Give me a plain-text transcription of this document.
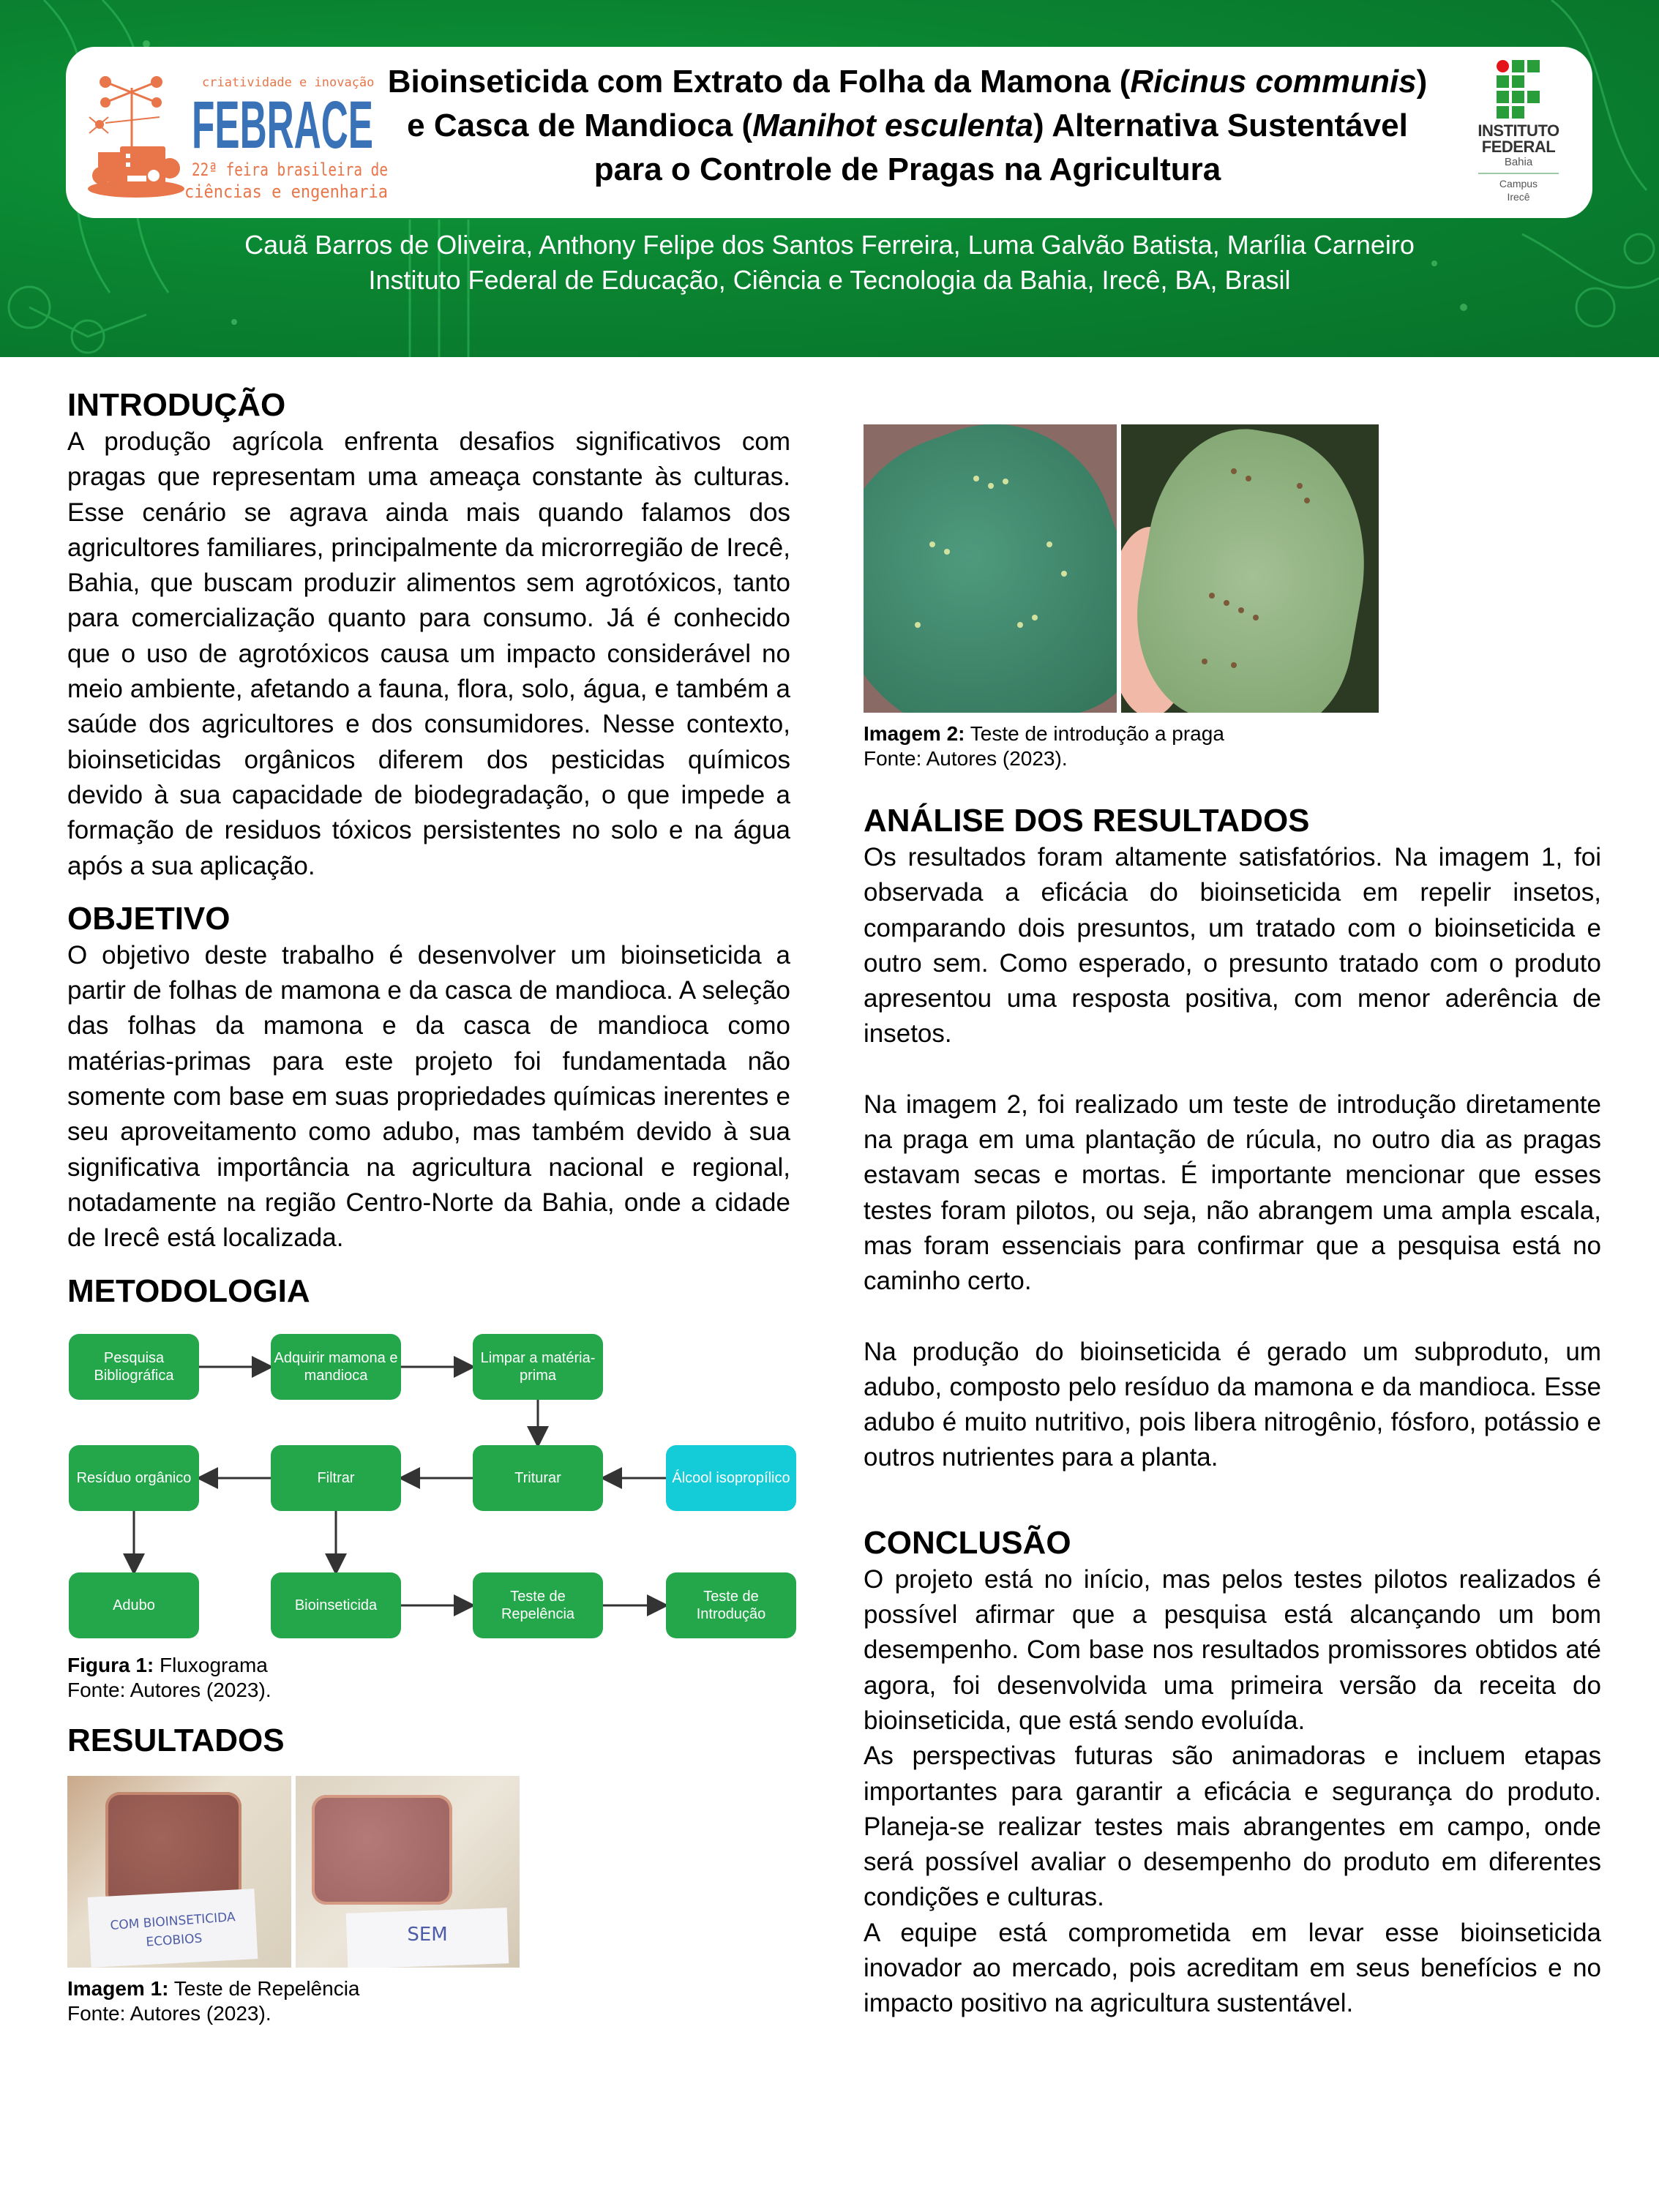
criatividade e inovação
FEBRACE
22ª feira brasileira de
ciências e engenharia
Bioinseticida com Extrato da Folha da Mamona (Ricinus communis)
e Casca de Mandioca (Manihot esculenta) Alternativa Sustentável
para o Controle de Pragas na Agricultura
INSTITUTO
FEDERAL
Bahia
Campus
Irecê
Cauã Barros de Oliveira, Anthony Felipe dos Santos Ferreira, Luma Galvão Batista, Marília Carneiro
Instituto Federal de Educação, Ciência e Tecnologia da Bahia, Irecê, BA, Brasil
INTRODUÇÃO

A produção agrícola enfrenta desafios significativos com pragas que representam uma ameaça constante às culturas. Esse cenário se agrava ainda mais quando falamos dos agricultores familiares, principalmente da microrregião de Irecê, Bahia, que buscam produzir alimentos sem agrotóxicos, tanto para comercialização quanto para consumo. Já é conhecido que o uso de agrotóxicos causa um impacto considerável no meio ambiente, afetando a fauna, flora, solo, água, e também a saúde dos agricultores e dos consumidores. Nesse contexto, bioinseticidas orgânicos diferem dos pesticidas químicos devido à sua capacidade de biodegradação, o que impede a formação de residuos tóxicos persistentes no solo e na água após a sua aplicação.

OBJETIVO

O objetivo deste trabalho é desenvolver um bioinseticida a partir de folhas de mamona e da casca de mandioca. A seleção das folhas da mamona e da casca de mandioca como matérias-primas para este projeto foi fundamentada não somente com base em suas propriedades químicas inerentes e seu aproveitamento como adubo, mas também devido à sua significativa importância na agricultura nacional e regional, notadamente na região Centro-Norte da Bahia, onde a cidade de Irecê está localizada.

METODOLOGIA
Pesquisa Bibliográfica
Adquirir mamona e mandioca
Limpar a matéria-prima
Resíduo orgânico	Filtrar	Triturar	Álcool isopropílico
Adubo	Bioinseticida
Teste de Repelência
Teste de Introdução
Figura 1: Fluxograma
Fonte: Autores (2023).
RESULTADOS
COM BIOINSETICIDA ECOBIOS	SEM
Imagem 1: Teste de Repelência
Fonte: Autores (2023).
Imagem 2: Teste de introdução a praga
Fonte: Autores (2023).
ANÁLISE DOS RESULTADOS

Os resultados foram altamente satisfatórios. Na imagem 1, foi observada a eficácia do bioinseticida em repelir insetos, comparando dois presuntos, um tratado com o bioinseticida e outro sem. Como esperado, o presunto tratado com o produto apresentou uma resposta positiva, com menor aderência de insetos.

Na imagem 2, foi realizado um teste de introdução diretamente na praga em uma plantação de rúcula, no outro dia as pragas estavam secas e mortas. É importante mencionar que esses testes foram pilotos, ou seja, não abrangem uma ampla escala, mas foram essenciais para confirmar que a pesquisa está no caminho certo.

Na produção do bioinseticida é gerado um subproduto, um adubo, composto pelo resíduo da mamona e da mandioca. Esse adubo é muito nutritivo, pois libera nitrogênio, fósforo, potássio e outros nutrientes para a planta.

CONCLUSÃO

O projeto está no início, mas pelos testes pilotos realizados é possível afirmar que a pesquisa está alcançando um bom desempenho. Com base nos resultados promissores obtidos até agora, foi desenvolvida uma primeira versão da receita do bioinseticida, que está sendo evoluída.

As perspectivas futuras são animadoras e incluem etapas importantes para garantir a eficácia e segurança do produto. Planeja-se realizar testes mais abrangentes em campo, onde será possível avaliar o desempenho do produto em diferentes condições e culturas.

A equipe está comprometida em levar esse bioinseticida inovador ao mercado, pois acreditam em seus benefícios e no impacto positivo na agricultura sustentável.
